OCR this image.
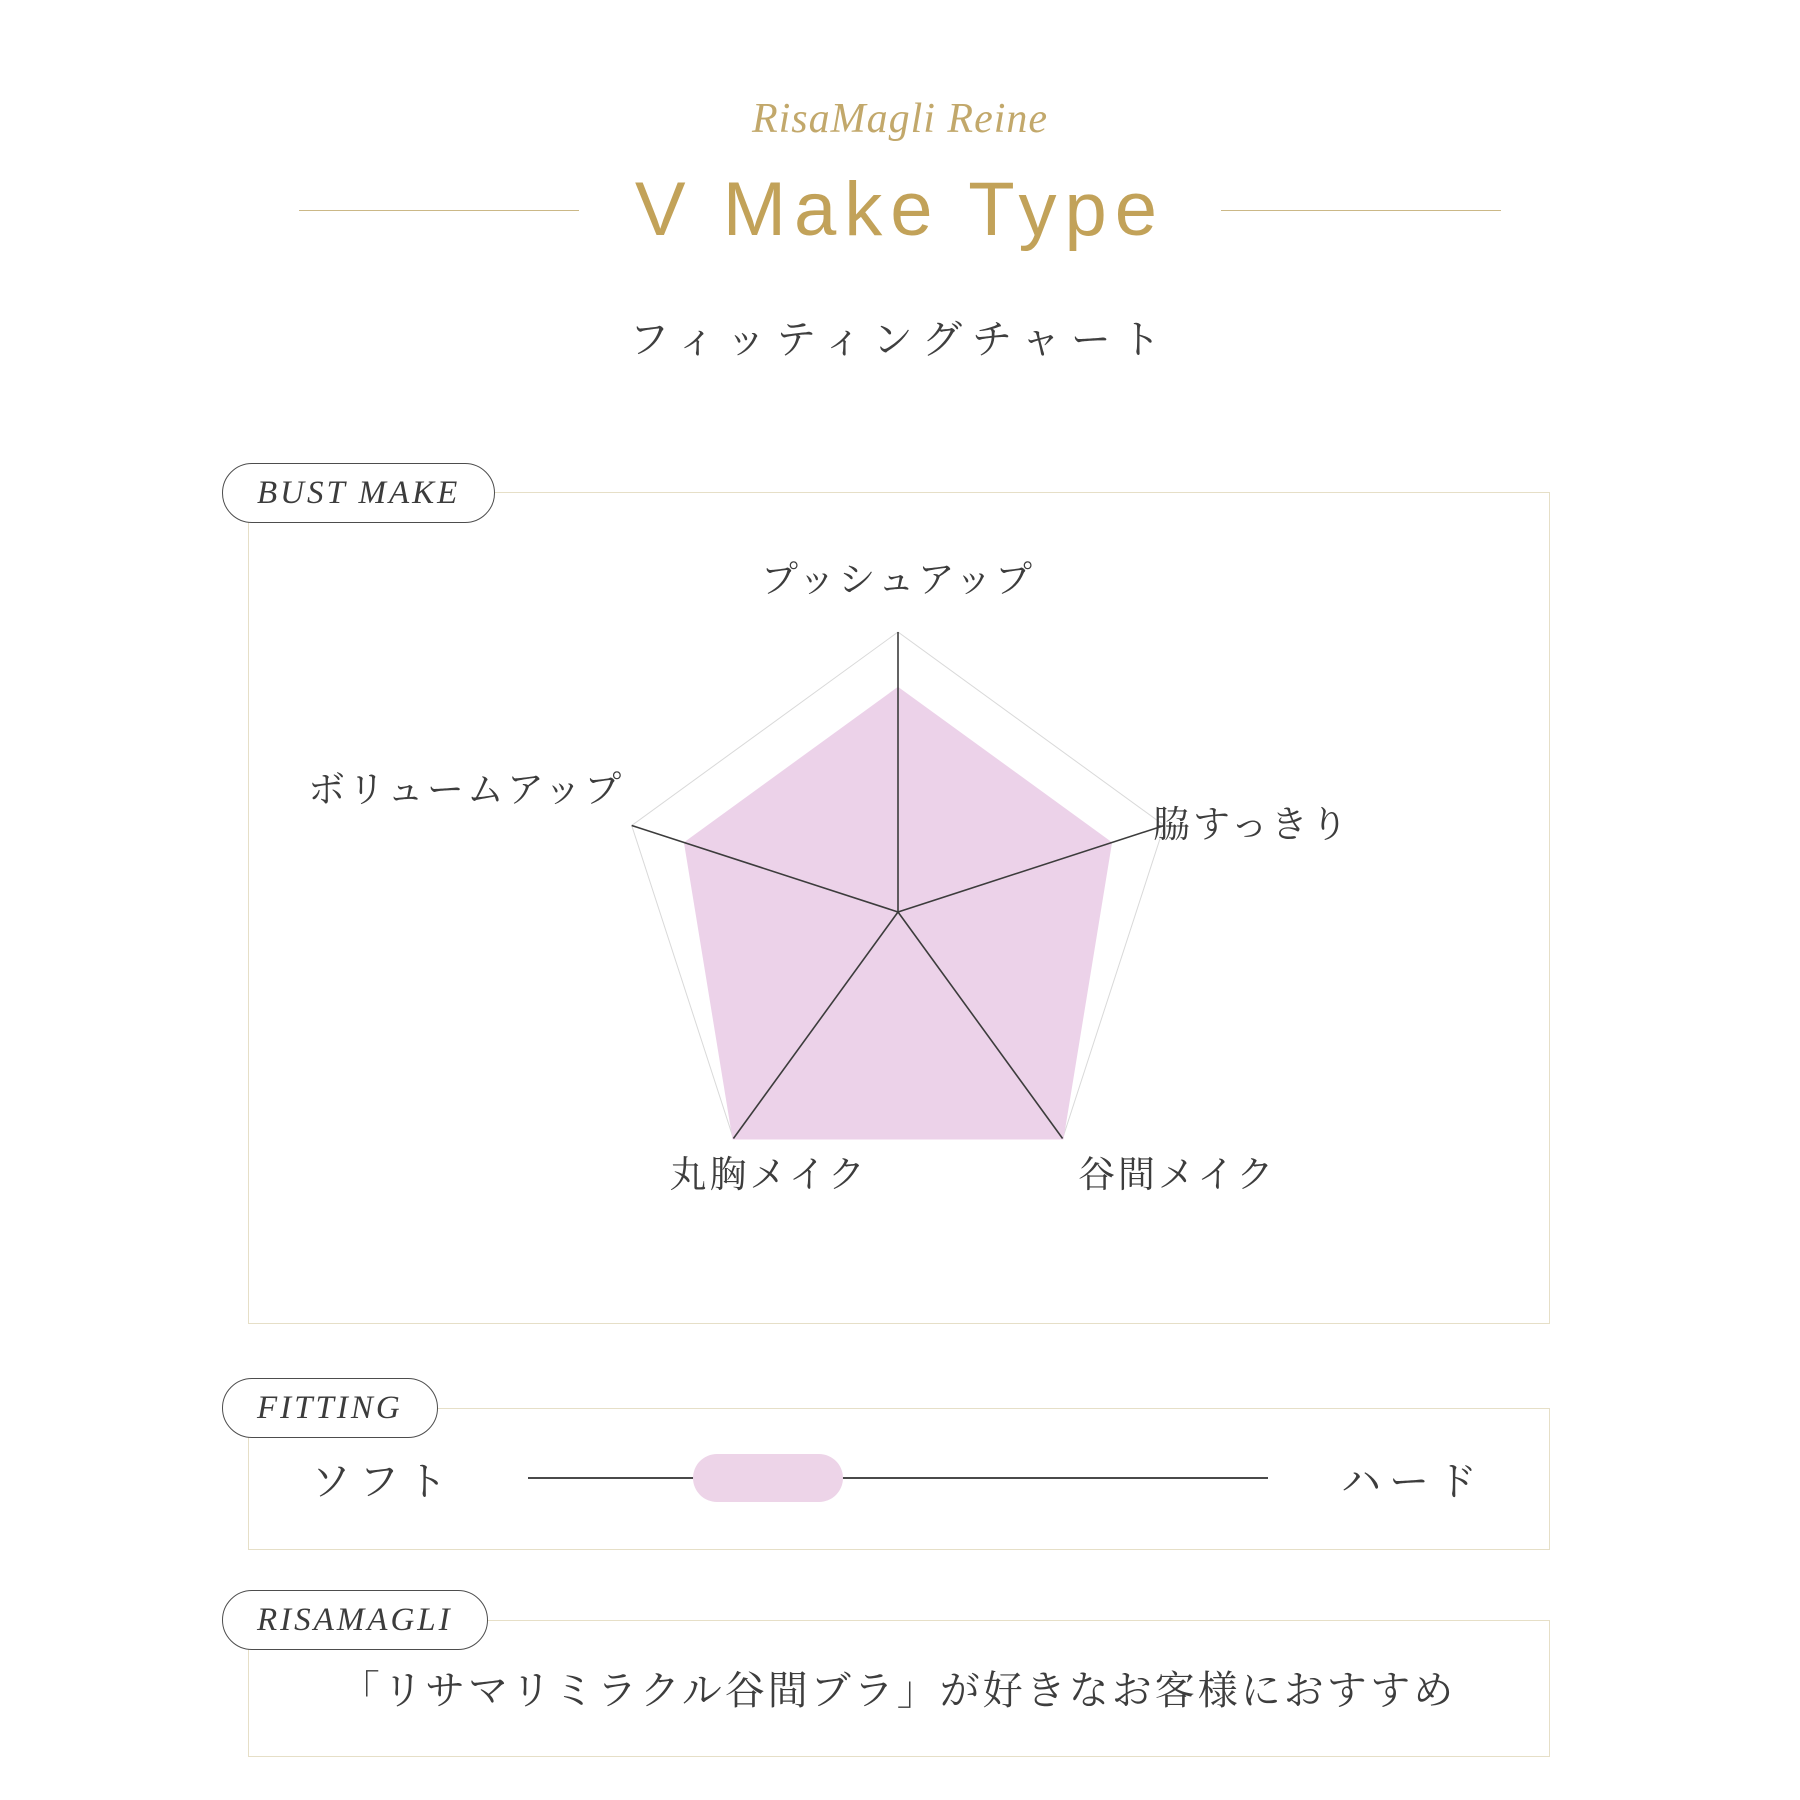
RisaMagli Reine
V Make Type
フィッティングチャート
BUST MAKE
プッシュアップ
脇すっきり
谷間メイク
丸胸メイク
ボリュームアップ
FITTING
ソフト	ハード
RISAMAGLI
「リサマリミラクル谷間ブラ」が好きなお客様におすすめ
